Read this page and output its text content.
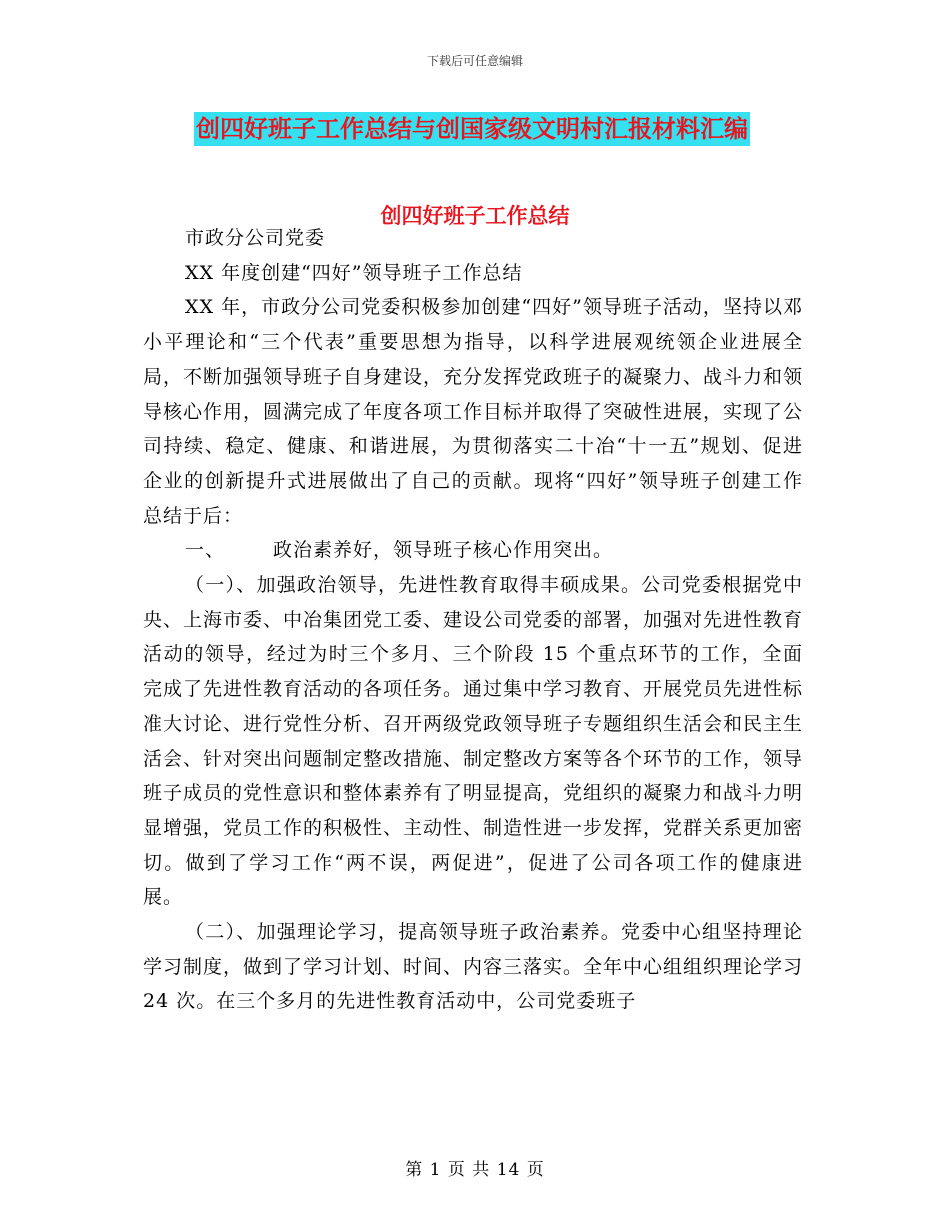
下载后可任意编辑
创四好班子工作总结与创国家级文明村汇报材料汇编
创四好班子工作总结

市政分公司党委

XX 年度创建“四好”领导班子工作总结

XX 年，市政分公司党委积极参加创建“四好”领导班子活动，坚持以邓小平理论和“三个代表”重要思想为指导，以科学进展观统领企业进展全局，不断加强领导班子自身建设，充分发挥党政班子的凝聚力、战斗力和领导核心作用，圆满完成了年度各项工作目标并取得了突破性进展，实现了公司持续、稳定、健康、和谐进展，为贯彻落实二十冶“十一五”规划、促进企业的创新提升式进展做出了自己的贡献。现将“四好”领导班子创建工作总结于后：

一、	政治素养好，领导班子核心作用突出。

（一）、加强政治领导，先进性教育取得丰硕成果。公司党委根据党中央、上海市委、中冶集团党工委、建设公司党委的部署，加强对先进性教育活动的领导，经过为时三个多月、三个阶段 15 个重点环节的工作，全面完成了先进性教育活动的各项任务。通过集中学习教育、开展党员先进性标准大讨论、进行党性分析、召开两级党政领导班子专题组织生活会和民主生活会、针对突出问题制定整改措施、制定整改方案等各个环节的工作，领导班子成员的党性意识和整体素养有了明显提高，党组织的凝聚力和战斗力明显增强，党员工作的积极性、主动性、制造性进一步发挥，党群关系更加密切。做到了学习工作“两不误，两促进”，促进了公司各项工作的健康进展。

（二）、加强理论学习，提高领导班子政治素养。党委中心组坚持理论学习制度，做到了学习计划、时间、内容三落实。全年中心组组织理论学习 24 次。在三个多月的先进性教育活动中，公司党委班子

第 1 页 共 14 页
